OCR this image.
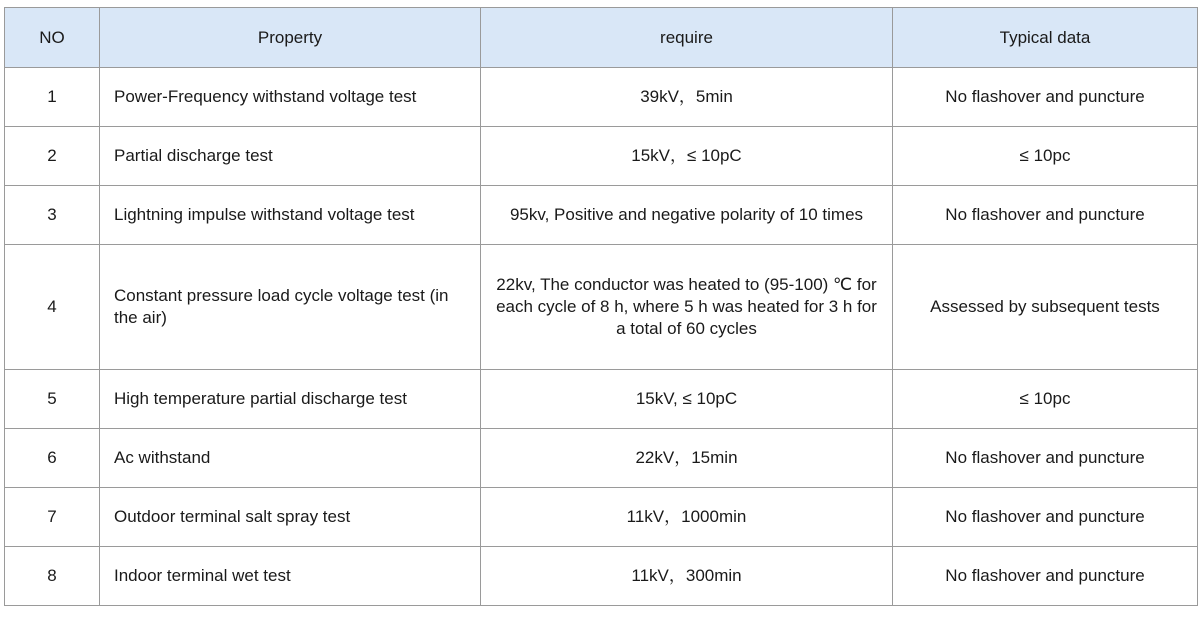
NO	Property	require	Typical data
1	Power-Frequency withstand voltage test	39kV，5min	No flashover and puncture
2	Partial discharge test	15kV，≤ 10pC	≤ 10pc
3	Lightning impulse withstand voltage test	95kv, Positive and negative polarity of 10 times	No flashover and puncture
4	Constant pressure load cycle voltage test (in the air)	22kv, The conductor was heated to (95-100) ℃ for each cycle of 8 h, where 5 h was heated for 3 h for a total of 60 cycles	Assessed by subsequent tests
5	High temperature partial discharge test	15kV, ≤ 10pC	≤ 10pc
6	Ac withstand	22kV，15min	No flashover and puncture
7	Outdoor terminal salt spray test	11kV，1000min	No flashover and puncture
8	Indoor terminal wet test	11kV，300min	No flashover and puncture
